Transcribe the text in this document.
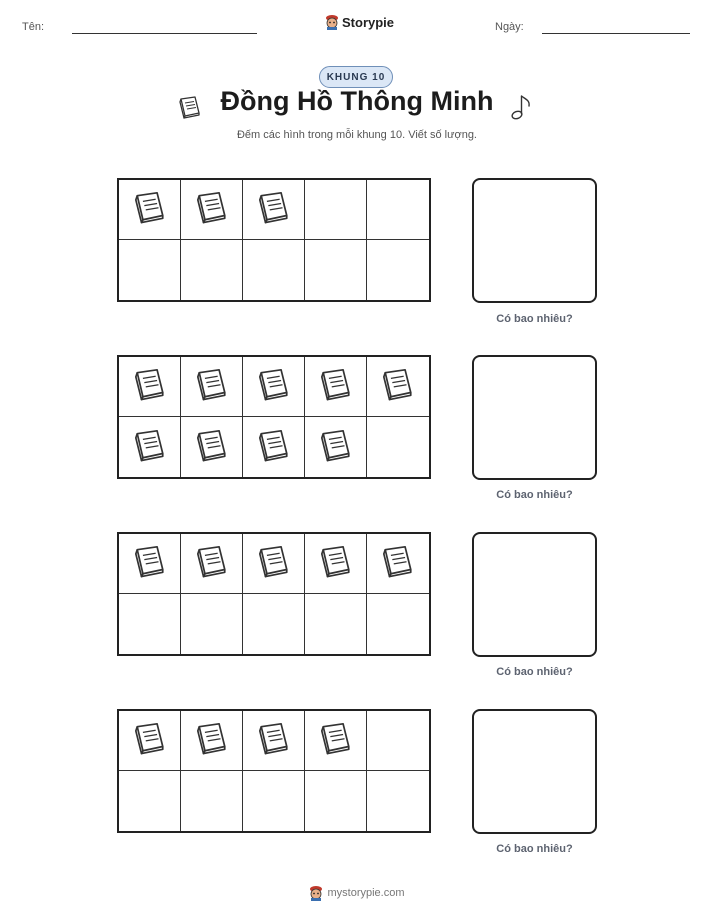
Tên:	Storypie	Ngày:
KHUNG 10
Đồng Hồ Thông Minh
Đếm các hình trong mỗi khung 10. Viết số lượng.
Có bao nhiêu?
Có bao nhiêu?
Có bao nhiêu?
Có bao nhiêu?
mystorypie.com
